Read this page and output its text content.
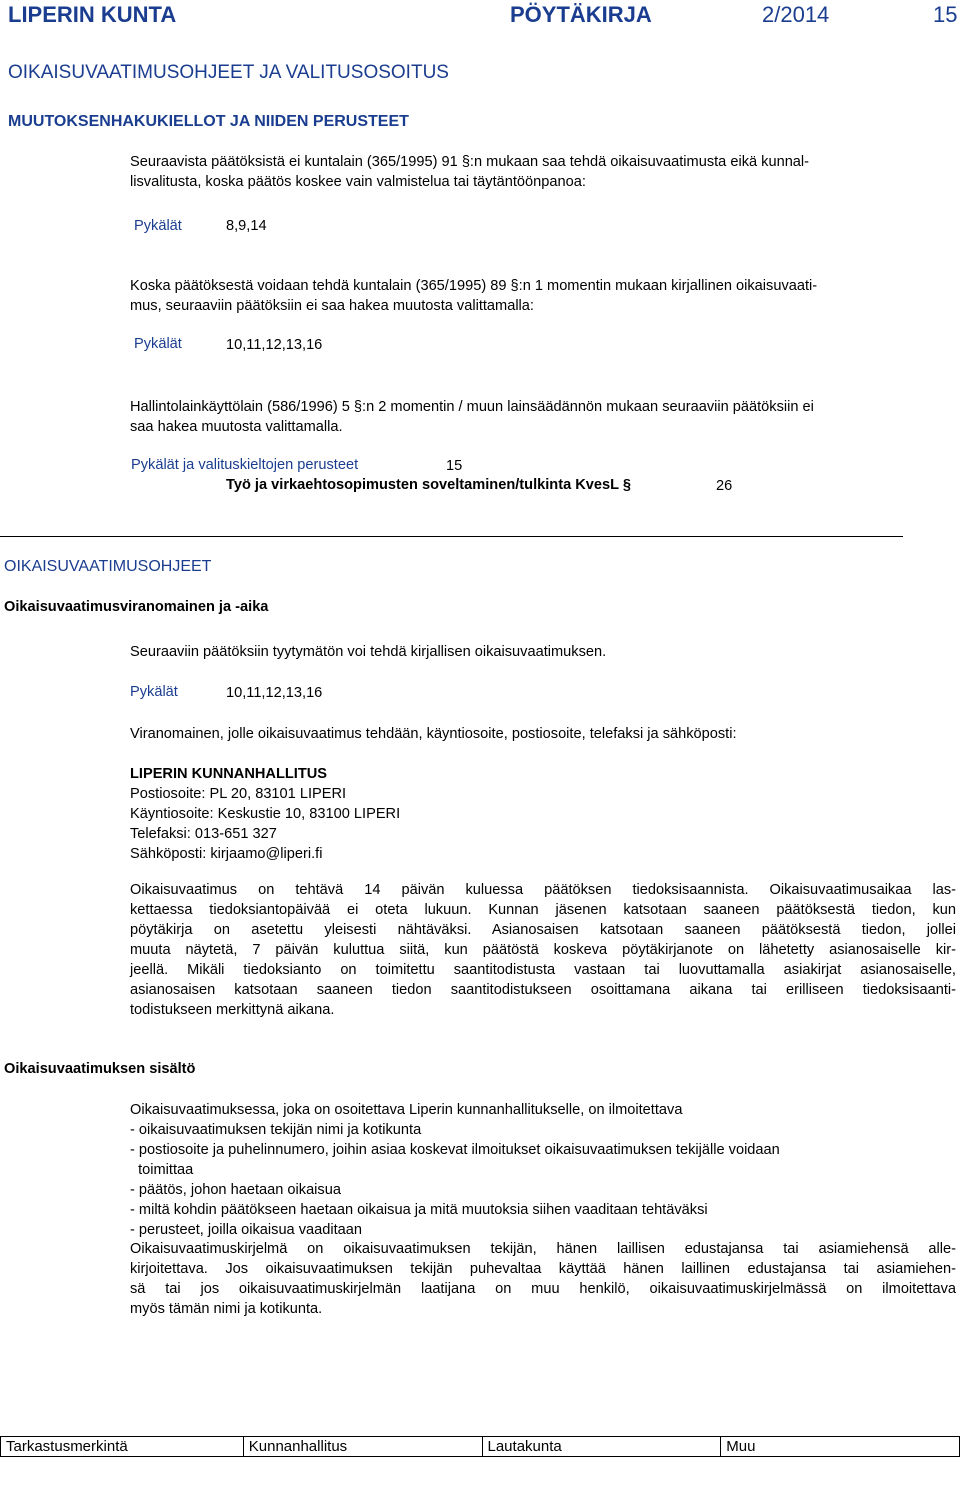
LIPERIN KUNTA	PÖYTÄKIRJA	2/2014	15
OIKAISUVAATIMUSOHJEET JA VALITUSOSOITUS
MUUTOKSENHAKUKIELLOT JA NIIDEN PERUSTEET
Seuraavista päätöksistä ei kuntalain (365/1995) 91 §:n mukaan saa tehdä oikaisuvaatimusta eikä kunnal-
lisvalitusta, koska päätös koskee vain valmistelua tai täytäntöönpanoa:
Pykälät	8,9,14
Koska päätöksestä voidaan tehdä kuntalain (365/1995) 89 §:n 1 momentin mukaan kirjallinen oikaisuvaati-
mus, seuraaviin päätöksiin ei saa hakea muutosta valittamalla:
Pykälät	10,11,12,13,16
Hallintolainkäyttölain (586/1996) 5 §:n 2 momentin / muun lainsäädännön mukaan seuraaviin päätöksiin ei
saa hakea muutosta valittamalla.
Pykälät ja valituskieltojen perusteet	15
Työ ja virkaehtosopimusten soveltaminen/tulkinta KvesL §	26
OIKAISUVAATIMUSOHJEET
Oikaisuvaatimusviranomainen ja -aika
Seuraaviin päätöksiin tyytymätön voi tehdä kirjallisen oikaisuvaatimuksen.
Pykälät	10,11,12,13,16
Viranomainen, jolle oikaisuvaatimus tehdään, käyntiosoite, postiosoite, telefaksi ja sähköposti:
LIPERIN KUNNANHALLITUS
Postiosoite: PL 20, 83101 LIPERI
Käyntiosoite: Keskustie 10, 83100 LIPERI
Telefaksi: 013-651 327
Sähköposti: kirjaamo@liperi.fi
Oikaisuvaatimus on tehtävä 14 päivän kuluessa päätöksen tiedoksisaannista. Oikaisuvaatimusaikaa las-
kettaessa tiedoksiantopäivää ei oteta lukuun. Kunnan jäsenen katsotaan saaneen päätöksestä tiedon, kun
pöytäkirja on asetettu yleisesti nähtäväksi. Asianosaisen katsotaan saaneen päätöksestä tiedon, jollei
muuta näytetä, 7 päivän kuluttua siitä, kun päätöstä koskeva pöytäkirjanote on lähetetty asianosaiselle kir-
jeellä. Mikäli tiedoksianto on toimitettu saantitodistusta vastaan tai luovuttamalla asiakirjat asianosaiselle,
asianosaisen katsotaan saaneen tiedon saantitodistukseen osoittamana aikana tai erilliseen tiedoksisaanti-
todistukseen merkittynä aikana.
Oikaisuvaatimuksen sisältö
Oikaisuvaatimuksessa, joka on osoitettava Liperin kunnanhallitukselle, on ilmoitettava
- oikaisuvaatimuksen tekijän nimi ja kotikunta
- postiosoite ja puhelinnumero, joihin asiaa koskevat ilmoitukset oikaisuvaatimuksen tekijälle voidaan
toimittaa
- päätös, johon haetaan oikaisua
- miltä kohdin päätökseen haetaan oikaisua ja mitä muutoksia siihen vaaditaan tehtäväksi
- perusteet, joilla oikaisua vaaditaan
Oikaisuvaatimuskirjelmä on oikaisuvaatimuksen tekijän, hänen laillisen edustajansa tai asiamiehensä alle-
kirjoitettava. Jos oikaisuvaatimuksen tekijän puhevaltaa käyttää hänen laillinen edustajansa tai asiamiehen-
sä tai jos oikaisuvaatimuskirjelmän laatijana on muu henkilö, oikaisuvaatimuskirjelmässä on ilmoitettava
myös tämän nimi ja kotikunta.
Tarkastusmerkintä	Kunnanhallitus	Lautakunta	Muu
